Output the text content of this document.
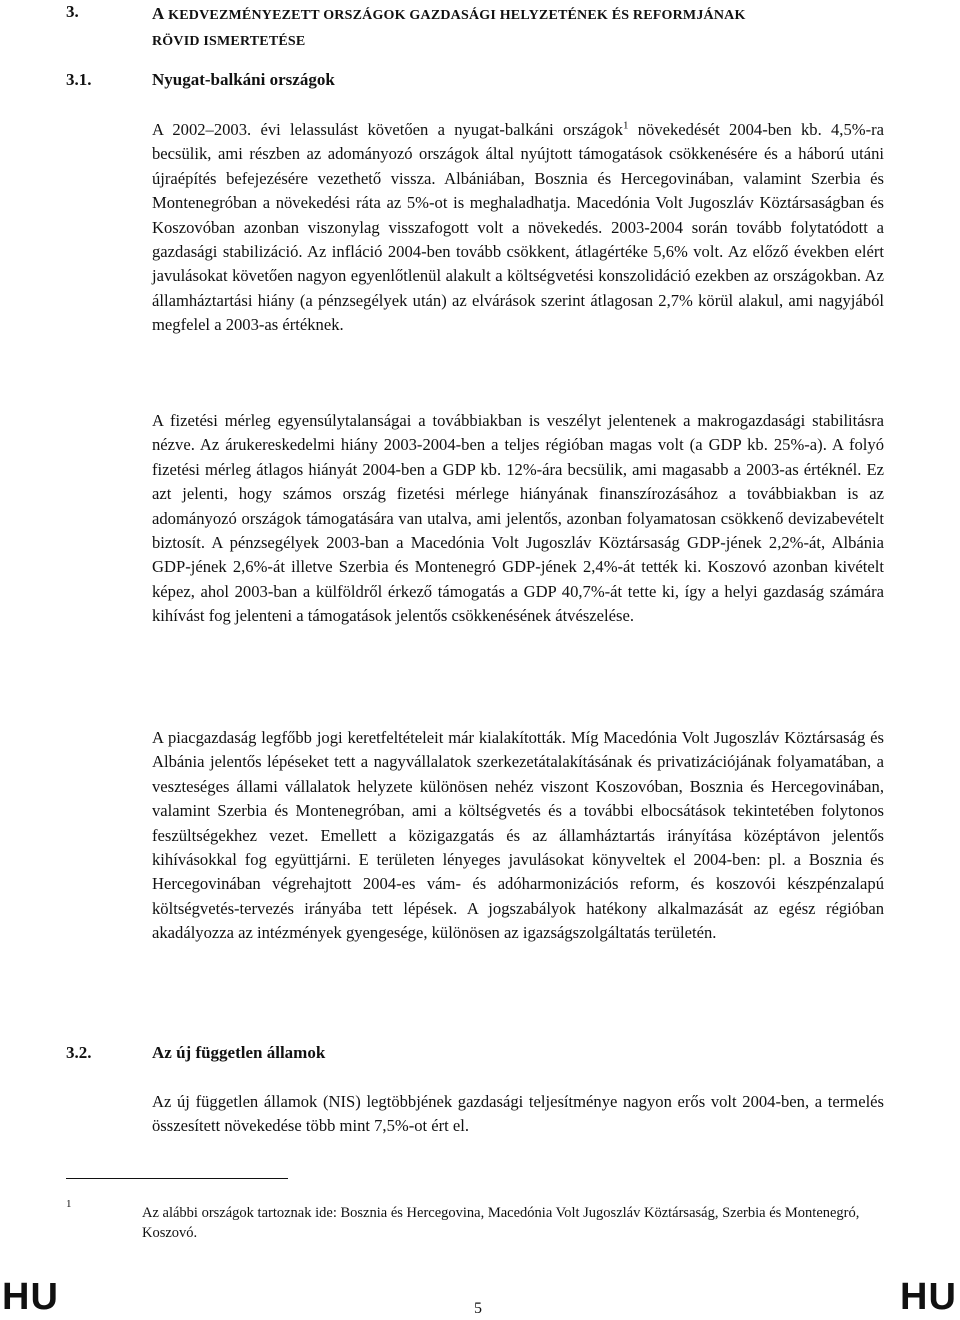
3.	A KEDVEZMÉNYEZETT ORSZÁGOK GAZDASÁGI HELYZETÉNEK ÉS REFORMJÁNAK
RÖVID ISMERTETÉSE
3.1.	Nyugat-balkáni országok

A 2002–2003. évi lelassulást követően a nyugat-balkáni országok$^1$ növekedését 2004-ben kb. 4,5%-ra becsülik, ami részben az adományozó országok által nyújtott támogatások csökkenésére és a háború utáni újraépítés befejezésére vezethető vissza. Albániában, Bosznia és Hercegovinában, valamint Szerbia és Montenegróban a növekedési ráta az 5%-ot is meghaladhatja. Macedónia Volt Jugoszláv Köztársaságban és Koszovóban azonban viszonylag visszafogott volt a növekedés. 2003-2004 során tovább folytatódott a gazdasági stabilizáció. Az infláció 2004-ben tovább csökkent, átlagértéke 5,6% volt. Az előző években elért javulásokat követően nagyon egyenlőtlenül alakult a költségvetési konszolidáció ezekben az országokban. Az államháztartási hiány (a pénzsegélyek után) az elvárások szerint átlagosan 2,7% körül alakul, ami nagyjából megfelel a 2003-as értéknek.

A fizetési mérleg egyensúlytalanságai a továbbiakban is veszélyt jelentenek a makrogazdasági stabilitásra nézve. Az árukereskedelmi hiány 2003-2004-ben a teljes régióban magas volt (a GDP kb. 25%-a). A folyó fizetési mérleg átlagos hiányát 2004-ben a GDP kb. 12%-ára becsülik, ami magasabb a 2003-as értéknél. Ez azt jelenti, hogy számos ország fizetési mérlege hiányának finanszírozásához a továbbiakban is az adományozó országok támogatására van utalva, ami jelentős, azonban folyamatosan csökkenő devizabevételt biztosít. A pénzsegélyek 2003-ban a Macedónia Volt Jugoszláv Köztársaság GDP-jének 2,2%-át, Albánia GDP-jének 2,6%-át illetve Szerbia és Montenegró GDP-jének 2,4%-át tették ki. Koszovó azonban kivételt képez, ahol 2003-ban a külföldről érkező támogatás a GDP 40,7%-át tette ki, így a helyi gazdaság számára kihívást fog jelenteni a támogatások jelentős csökkenésének átvészelése.

A piacgazdaság legfőbb jogi keretfeltételeit már kialakították. Míg Macedónia Volt Jugoszláv Köztársaság és Albánia jelentős lépéseket tett a nagyvállalatok szerkezetátalakításának és privatizációjának folyamatában, a veszteséges állami vállalatok helyzete különösen nehéz viszont Koszovóban, Bosznia és Hercegovinában, valamint Szerbia és Montenegróban, ami a költségvetés és a további elbocsátások tekintetében folytonos feszültségekhez vezet. Emellett a közigazgatás és az államháztartás irányítása középtávon jelentős kihívásokkal fog együttjárni. E területen lényeges javulásokat könyveltek el 2004-ben: pl. a Bosznia és Hercegovinában végrehajtott 2004-es vám- és adóharmonizációs reform, és koszovói készpénzalapú költségvetés-tervezés irányába tett lépések. A jogszabályok hatékony alkalmazását az egész régióban akadályozza az intézmények gyengesége, különösen az igazságszolgáltatás területén.

3.2.	Az új független államok

Az új független államok (NIS) legtöbbjének gazdasági teljesítménye nagyon erős volt 2004-ben, a termelés összesített növekedése több mint 7,5%-ot ért el.

1

Az alábbi országok tartoznak ide: Bosznia és Hercegovina, Macedónia Volt Jugoszláv Köztársaság, Szerbia és Montenegró, Koszovó.

HU	5	HU
